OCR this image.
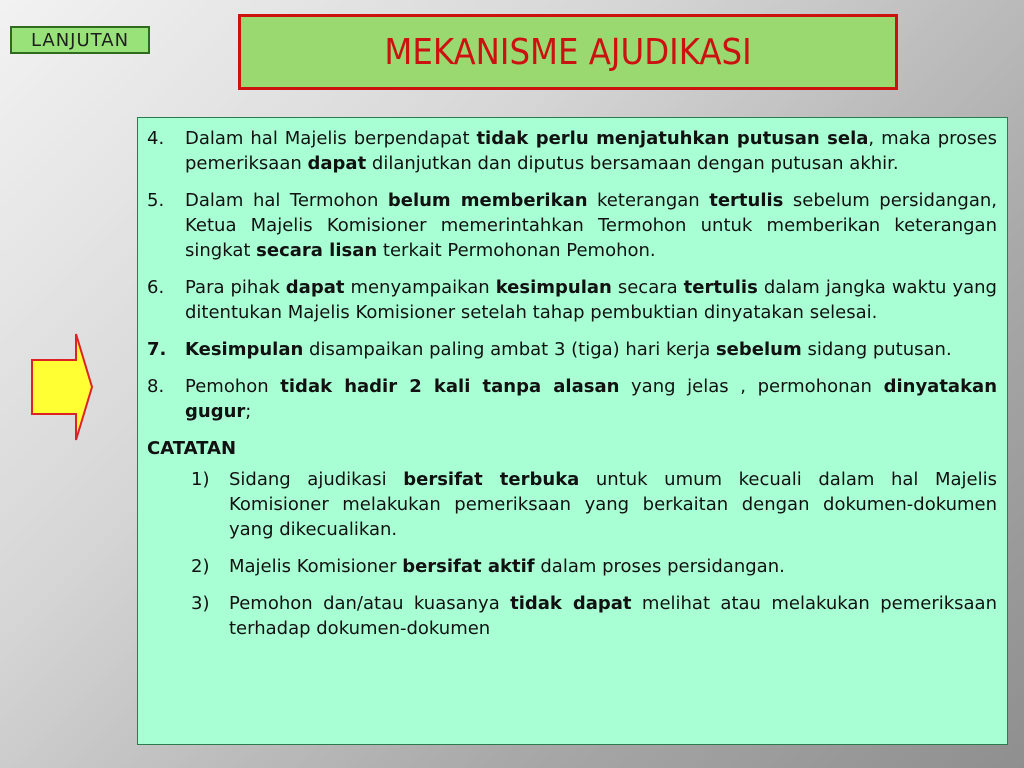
LANJUTAN	MEKANISME AJUDIKASI
4.	Dalam hal Majelis berpendapat tidak perlu menjatuhkan putusan sela, maka proses pemeriksaan dapat dilanjutkan dan diputus bersamaan dengan putusan akhir.
5.	Dalam hal Termohon belum memberikan keterangan tertulis sebelum persidangan, Ketua Majelis Komisioner memerintahkan Termohon untuk memberikan keterangan singkat secara lisan terkait Permohonan Pemohon.
6.	Para pihak dapat menyampaikan kesimpulan secara tertulis dalam jangka waktu yang ditentukan Majelis Komisioner setelah tahap pembuktian dinyatakan selesai.
7.	Kesimpulan disampaikan paling ambat 3 (tiga) hari kerja sebelum sidang putusan.
8.	Pemohon tidak hadir 2 kali tanpa alasan yang jelas , permohonan dinyatakan gugur;
CATATAN
1)	Sidang ajudikasi bersifat terbuka untuk umum kecuali dalam hal Majelis Komisioner melakukan pemeriksaan yang berkaitan dengan dokumen-dokumen yang dikecualikan.
2)	Majelis Komisioner bersifat aktif dalam proses persidangan.
3)	Pemohon dan/atau kuasanya tidak dapat melihat atau melakukan pemeriksaan terhadap dokumen-dokumen
